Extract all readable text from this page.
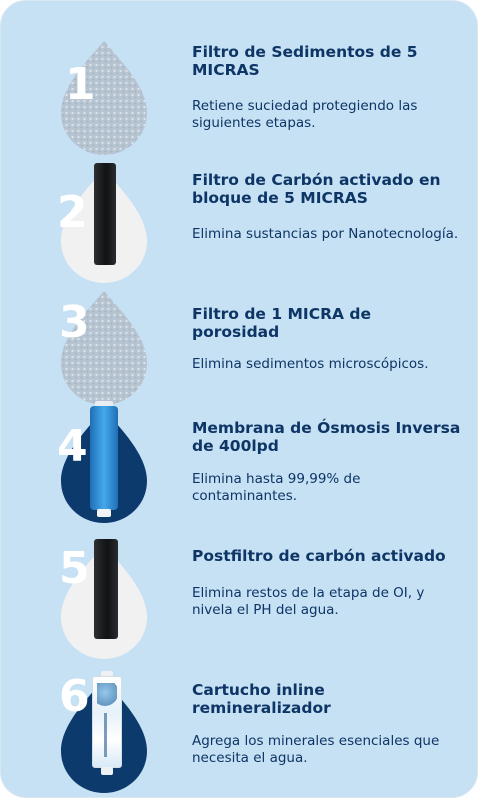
1
Filtro de Sedimentos de 5 MICRAS
Retiene suciedad protegiendo las siguientes etapas.
2
Filtro de Carbón activado en bloque de 5 MICRAS
Elimina sustancias por Nanotecnología.
3	Filtro de 1 MICRA de porosidad
Elimina sedimentos microscópicos.
4	Membrana de Ósmosis Inversa de 400lpd
Elimina hasta 99,99% de contaminantes.
5	Postfiltro de carbón activado
Elimina restos de la etapa de OI, y nivela el PH del agua.
6	Cartucho inline remineralizador
Agrega los minerales esenciales que necesita el agua.
